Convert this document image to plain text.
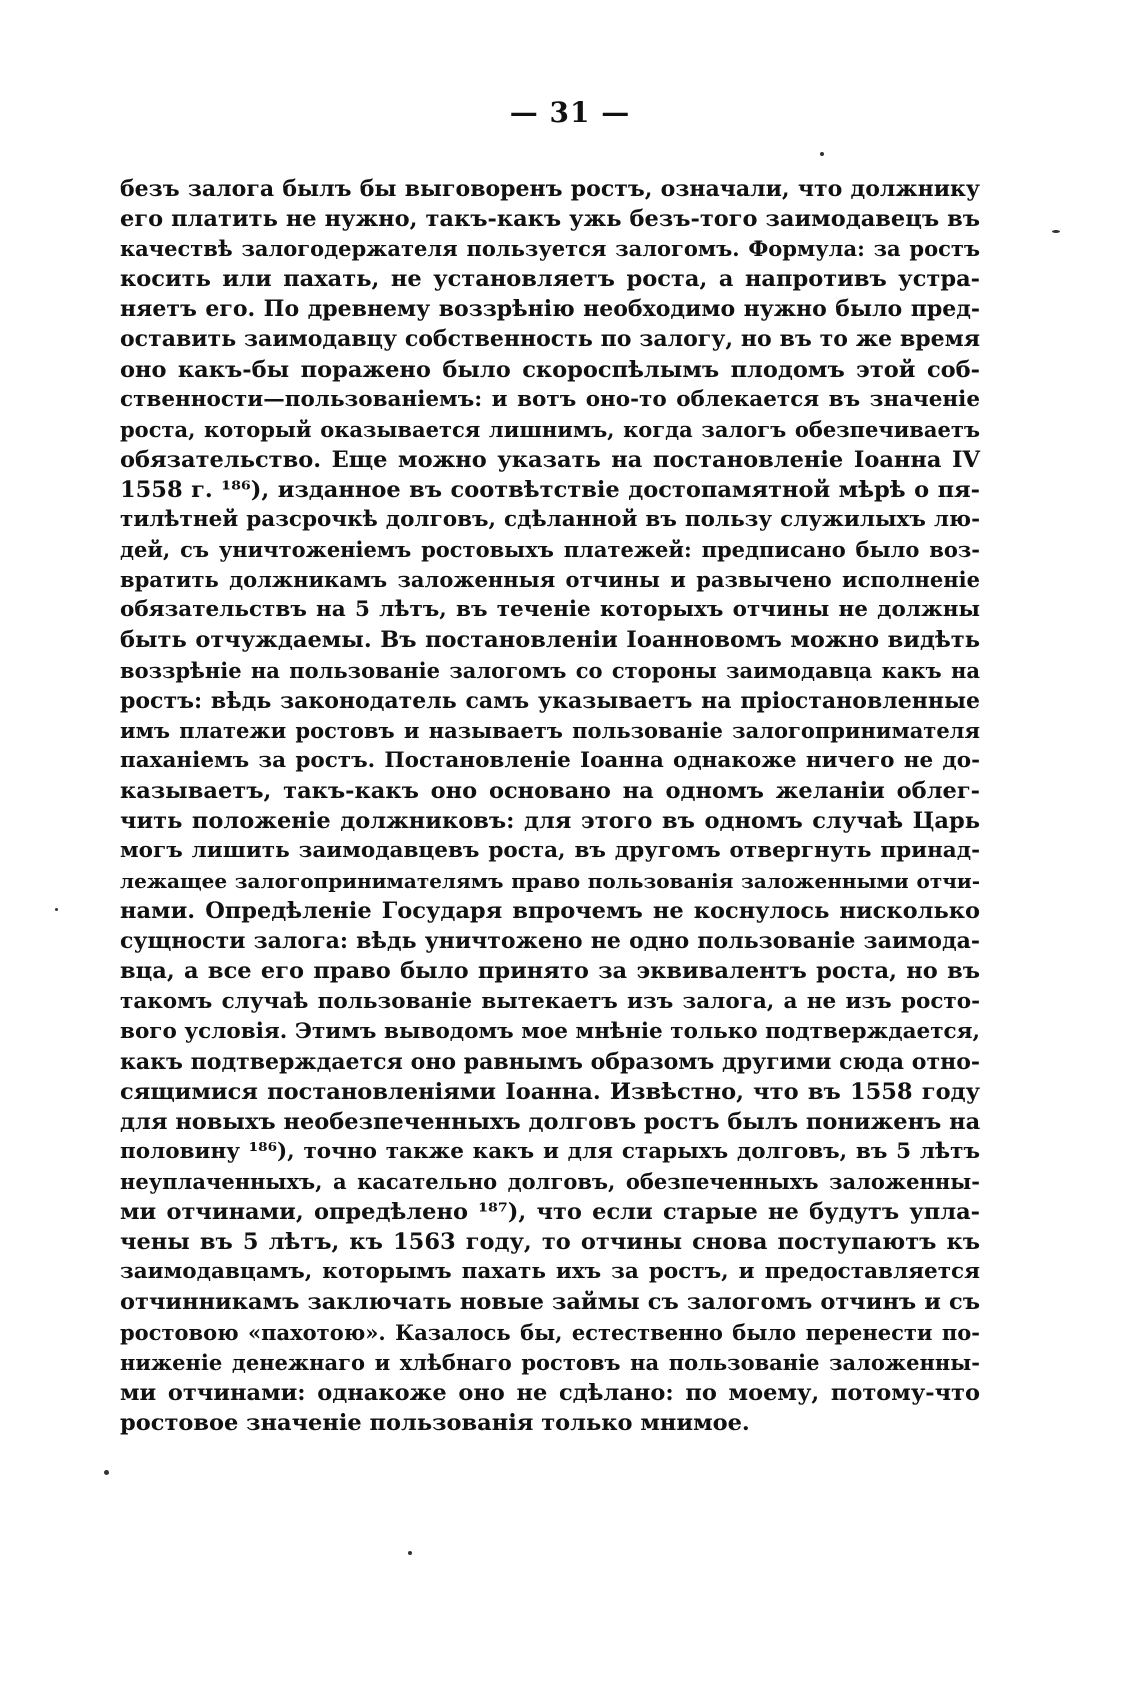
— 31 —
безъ залога былъ бы выговоренъ ростъ, означали, что должнику
его платить не нужно, такъ-какъ ужь безъ-того заимодавецъ въ
качествѣ залогодержателя пользуется залогомъ. Формула: за ростъ
косить или пахать, не установляетъ роста, а напротивъ устра-
няетъ его. По древнему воззрѣнію необходимо нужно было пред-
оставить заимодавцу собственность по залогу, но въ то же время
оно какъ-бы поражено было скороспѣлымъ плодомъ этой соб-
ственности—пользованіемъ: и вотъ оно-то облекается въ значеніе
роста, который оказывается лишнимъ, когда залогъ обезпечиваетъ
обязательство. Еще можно указать на постановленіе Іоанна IV
1558 г. ¹⁸⁶), изданное въ соотвѣтствіе достопамятной мѣрѣ о пя-
тилѣтней разсрочкѣ долговъ, сдѣланной въ пользу служилыхъ лю-
дей, съ уничтоженіемъ ростовыхъ платежей: предписано было воз-
вратить должникамъ заложенныя отчины и развычено исполненіе
обязательствъ на 5 лѣтъ, въ теченіе которыхъ отчины не должны
быть отчуждаемы. Въ постановленіи Іоанновомъ можно видѣть
воззрѣніе на пользованіе залогомъ со стороны заимодавца какъ на
ростъ: вѣдь законодатель самъ указываетъ на пріостановленные
имъ платежи ростовъ и называетъ пользованіе залогопринимателя
паханіемъ за ростъ. Постановленіе Іоанна однакоже ничего не до-
казываетъ, такъ-какъ оно основано на одномъ желаніи облег-
чить положеніе должниковъ: для этого въ одномъ случаѣ Царь
могъ лишить заимодавцевъ роста, въ другомъ отвергнуть принад-
лежащее залогопринимателямъ право пользованія заложенными отчи-
нами. Опредѣленіе Государя впрочемъ не коснулось нисколько
сущности залога: вѣдь уничтожено не одно пользованіе заимода-
вца, а все его право было принято за эквивалентъ роста, но въ
такомъ случаѣ пользованіе вытекаетъ изъ залога, а не изъ росто-
вого условія. Этимъ выводомъ мое мнѣніе только подтверждается,
какъ подтверждается оно равнымъ образомъ другими сюда отно-
сящимися постановленіями Іоанна. Извѣстно, что въ 1558 году
для новыхъ необезпеченныхъ долговъ ростъ былъ пониженъ на
половину ¹⁸⁶), точно также какъ и для старыхъ долговъ, въ 5 лѣтъ
неуплаченныхъ, а касательно долговъ, обезпеченныхъ заложенны-
ми отчинами, опредѣлено ¹⁸⁷), что если старые не будутъ упла-
чены въ 5 лѣтъ, къ 1563 году, то отчины снова поступаютъ къ
заимодавцамъ, которымъ пахать ихъ за ростъ, и предоставляется
отчинникамъ заключать новые займы съ залогомъ отчинъ и съ
ростовою «пахотою». Казалось бы, естественно было перенести по-
ниженіе денежнаго и хлѣбнаго ростовъ на пользованіе заложенны-
ми отчинами: однакоже оно не сдѣлано: по моему, потому-что
ростовое значеніе пользованія только мнимое.
